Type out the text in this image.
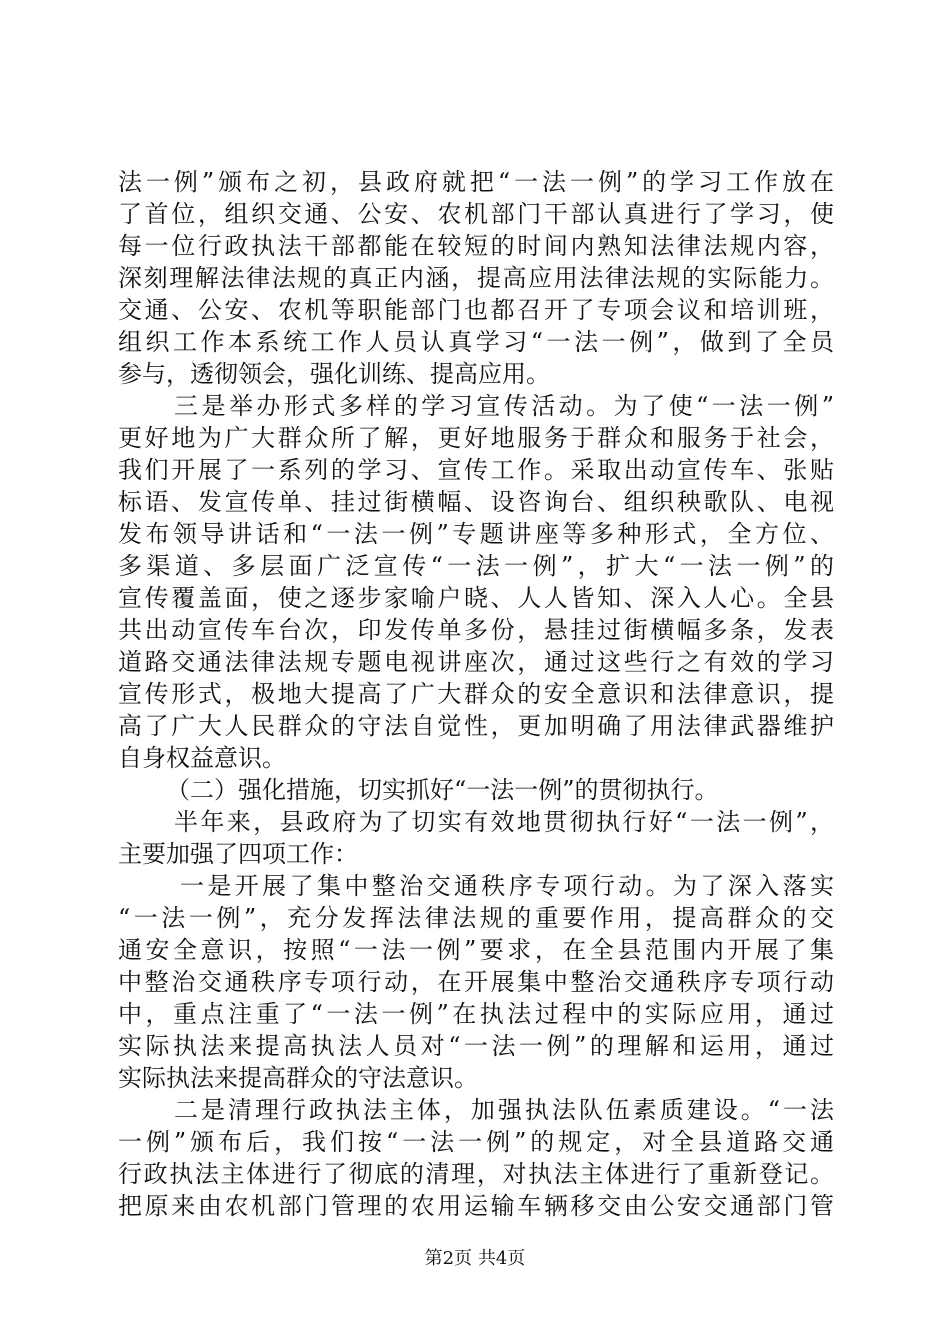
法一例”颁布之初，县政府就把“一法一例”的学习工作放在
了首位，组织交通、公安、农机部门干部认真进行了学习，使
每一位行政执法干部都能在较短的时间内熟知法律法规内容，
深刻理解法律法规的真正内涵，提高应用法律法规的实际能力。
交通、公安、农机等职能部门也都召开了专项会议和培训班，
组织工作本系统工作人员认真学习“一法一例”，做到了全员
参与，透彻领会，强化训练、提高应用。
三是举办形式多样的学习宣传活动。为了使“一法一例”
更好地为广大群众所了解，更好地服务于群众和服务于社会，
我们开展了一系列的学习、宣传工作。采取出动宣传车、张贴
标语、发宣传单、挂过街横幅、设咨询台、组织秧歌队、电视
发布领导讲话和“一法一例”专题讲座等多种形式，全方位、
多渠道、多层面广泛宣传“一法一例”，扩大“一法一例”的
宣传覆盖面，使之逐步家喻户晓、人人皆知、深入人心。全县
共出动宣传车台次，印发传单多份，悬挂过街横幅多条，发表
道路交通法律法规专题电视讲座次，通过这些行之有效的学习
宣传形式，极地大提高了广大群众的安全意识和法律意识，提
高了广大人民群众的守法自觉性，更加明确了用法律武器维护
自身权益意识。
（二）强化措施，切实抓好“一法一例”的贯彻执行。
半年来，县政府为了切实有效地贯彻执行好“一法一例”，
主要加强了四项工作：
一是开展了集中整治交通秩序专项行动。为了深入落实
“一法一例”，充分发挥法律法规的重要作用，提高群众的交
通安全意识，按照“一法一例”要求，在全县范围内开展了集
中整治交通秩序专项行动，在开展集中整治交通秩序专项行动
中，重点注重了“一法一例”在执法过程中的实际应用，通过
实际执法来提高执法人员对“一法一例”的理解和运用，通过
实际执法来提高群众的守法意识。
二是清理行政执法主体，加强执法队伍素质建设。“一法
一例”颁布后，我们按“一法一例”的规定，对全县道路交通
行政执法主体进行了彻底的清理，对执法主体进行了重新登记。
把原来由农机部门管理的农用运输车辆移交由公安交通部门管
第2页 共4页
